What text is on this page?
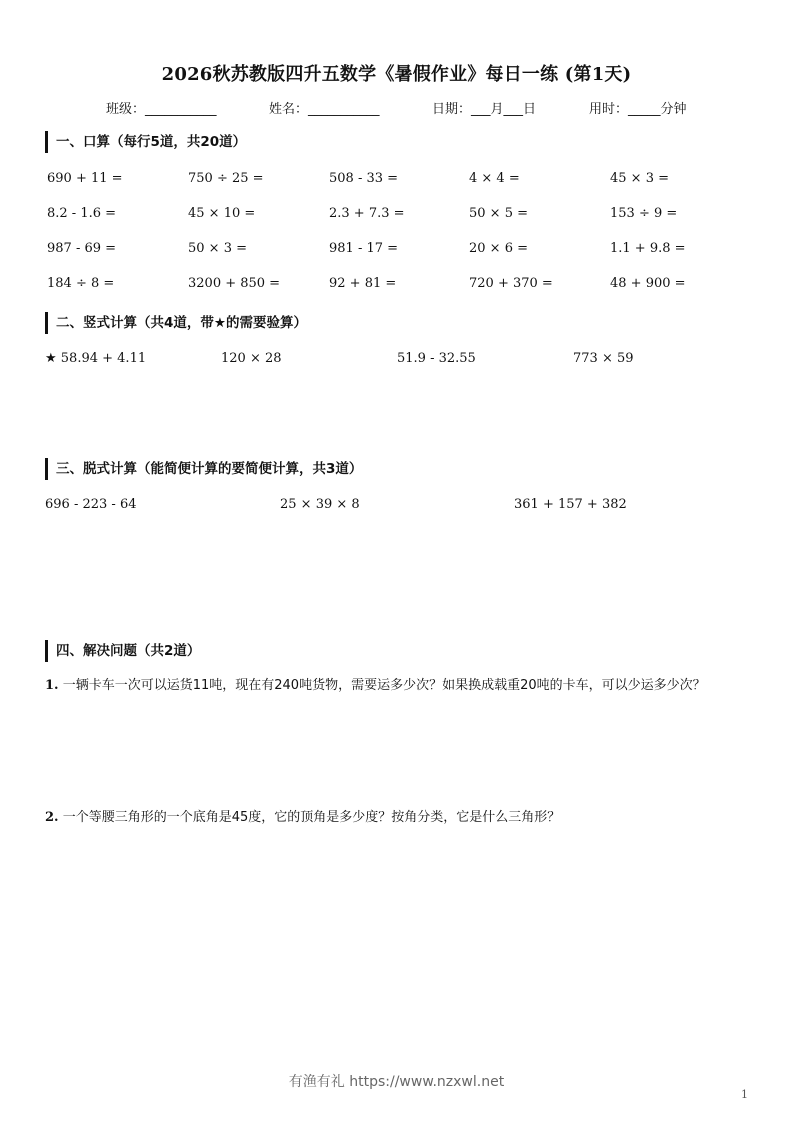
2026秋苏教版四升五数学《暑假作业》每日一练 (第1天)
班级：___________	姓名：___________	日期：___月___日	用时：_____分钟
一、口算（每行5道，共20道）
690 + 11 =	750 ÷ 25 =	508 - 33 =	4 × 4 =	45 × 3 =
8.2 - 1.6 =	45 × 10 =	2.3 + 7.3 =	50 × 5 =	153 ÷ 9 =
987 - 69 =	50 × 3 =	981 - 17 =	20 × 6 =	1.1 + 9.8 =
184 ÷ 8 =	3200 + 850 =	92 + 81 =	720 + 370 =	48 + 900 =
二、竖式计算（共4道，带★的需要验算）
★ 58.94 + 4.11	120 × 28	51.9 - 32.55	773 × 59
三、脱式计算（能简便计算的要简便计算，共3道）
696 - 223 - 64	25 × 39 × 8	361 + 157 + 382
四、解决问题（共2道）
1. 一辆卡车一次可以运货11吨，现在有240吨货物，需要运多少次？如果换成载重20吨的卡车，可以少运多少次？
2. 一个等腰三角形的一个底角是45度，它的顶角是多少度？按角分类，它是什么三角形？
有渔有礼 https://www.nzxwl.net
1
